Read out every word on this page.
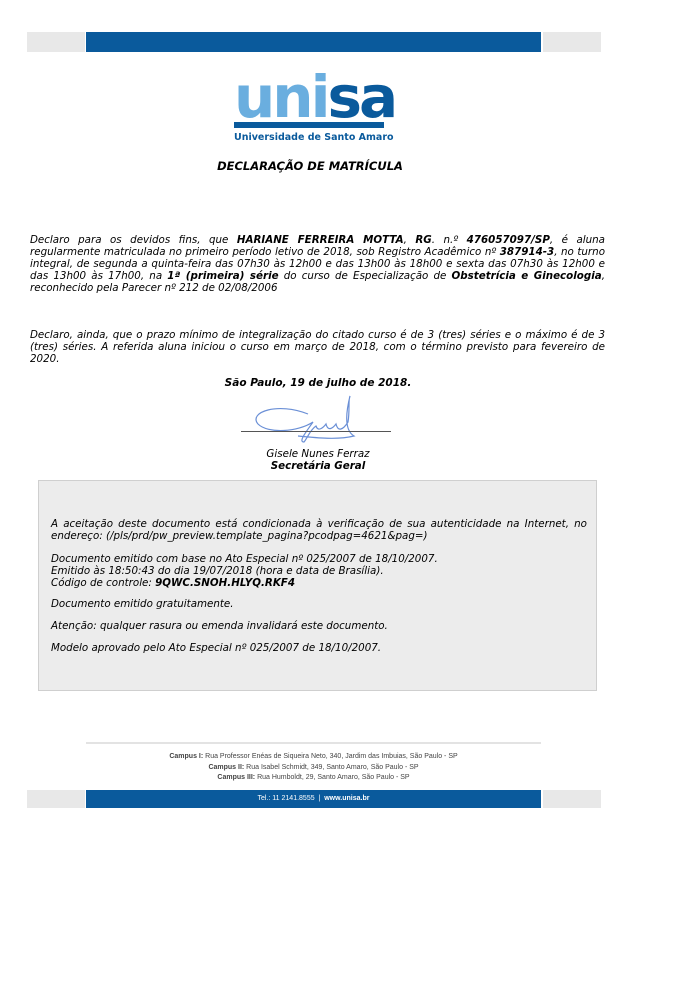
unisa
Universidade de Santo Amaro
DECLARAÇÃO DE MATRÍCULA
Declaro para os devidos fins, que HARIANE FERREIRA MOTTA, RG. n.º 476057097/SP, é aluna regularmente matriculada no primeiro período letivo de 2018, sob Registro Acadêmico nº 387914-3, no turno integral, de segunda a quinta-feira das 07h30 às 12h00 e das 13h00 às 18h00 e sexta das 07h30 às 12h00 e das 13h00 às 17h00, na 1ª (primeira) série do curso de Especialização de Obstetrícia e Ginecologia, reconhecido pela Parecer nº 212 de 02/08/2006
Declaro, ainda, que o prazo mínimo de integralização do citado curso é de 3 (tres) séries e o máximo é de 3 (tres) séries. A referida aluna iniciou o curso em março de 2018, com o término previsto para fevereiro de 2020.
São Paulo, 19 de julho de 2018.
Gisele Nunes Ferraz
Secretária Geral
A aceitação deste documento está condicionada à verificação de sua autenticidade na Internet, no endereço: (/pls/prd/pw_preview.template_pagina?pcodpag=4621&pag=)
Documento emitido com base no Ato Especial nº 025/2007 de 18/10/2007.
Emitido às 18:50:43 do dia 19/07/2018 (hora e data de Brasília).
Código de controle: 9QWC.SNOH.HLYQ.RKF4
Documento emitido gratuitamente.
Atenção: qualquer rasura ou emenda invalidará este documento.
Modelo aprovado pelo Ato Especial nº 025/2007 de 18/10/2007.
Campus I: Rua Professor Enéas de Siqueira Neto, 340, Jardim das Imbuias, São Paulo - SP
Campus II: Rua Isabel Schmidt, 349, Santo Amaro, São Paulo - SP
Campus III: Rua Humboldt, 29, Santo Amaro, São Paulo - SP
Tel.: 11 2141.8555 | www.unisa.br
